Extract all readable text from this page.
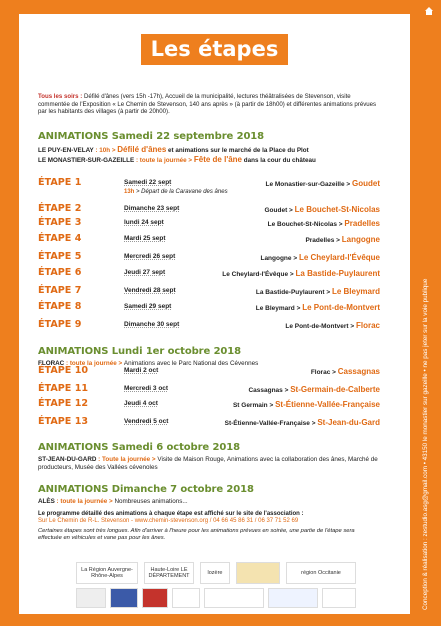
Les étapes
Tous les soirs : Défilé d'ânes (vers 15h -17h), Accueil de la municipalité, lectures théâtralisées de Stevenson, visite commentée de l'Exposition « Le Chemin de Stevenson, 140 ans après » (à partir de 18h00) et différentes animations prévues par les habitants des villages (à partir de 20h00).
ANIMATIONS Samedi 22 septembre 2018
LE PUY-EN-VELAY : 10h > Défilé d'ânes et animations sur le marché de la Place du Plot
LE MONASTIER-SUR-GAZEILLE : toute la journée > Fête de l'âne dans la cour du château
ÉTAPE 1	Samedi 22 sept	Le Monastier-sur-Gazeille > Goudet
13h > Départ de la Caravane des ânes
ÉTAPE 2	Dimanche 23 sept	Goudet > Le Bouchet-St-Nicolas
ÉTAPE 3	lundi 24 sept	Le Bouchet-St-Nicolas > Pradelles
ÉTAPE 4	Mardi 25 sept	Pradelles > Langogne
ÉTAPE 5	Mercredi 26 sept	Langogne > Le Cheylard-l'Évêque
ÉTAPE 6	Jeudi 27 sept	Le Cheylard-l'Évêque > La Bastide-Puylaurent
ÉTAPE 7	Vendredi 28 sept	La Bastide-Puylaurent > Le Bleymard
ÉTAPE 8	Samedi 29 sept	Le Bleymard > Le Pont-de-Montvert
ÉTAPE 9	Dimanche 30 sept	Le Pont-de-Montvert > Florac
ANIMATIONS Lundi 1er octobre 2018
FLORAC : toute la journée > Animations avec le Parc National des Cévennes
ÉTAPE 10	Mardi 2 oct	Florac > Cassagnas
ÉTAPE 11	Mercredi 3 oct	Cassagnas > St-Germain-de-Calberte
ÉTAPE 12	Jeudi 4 oct	St Germain > St-Étienne-Vallée-Française
ÉTAPE 13	Vendredi 5 oct	St-Étienne-Vallée-Française > St-Jean-du-Gard
ANIMATIONS Samedi 6 octobre 2018
ST-JEAN-DU-GARD : Toute la journée > Visite de Maison Rouge, Animations avec la collaboration des ânes, Marché de producteurs, Musée des Vallées cévenoles
ANIMATIONS Dimanche 7 octobre 2018
ALÈS : toute la journée > Nombreuses animations...
Le programme détaillé des animations à chaque étape est affiché sur le site de l'association :
Sur Le Chemin de R-L. Stevenson - www.chemin-stevenson.org / 04 66 45 86 31 / 06 37 71 52 69
Certaines étapes sont très longues. Afin d'arriver à l'heure pour les animations prévues en soirée, une partie de l'étape sera effectuée en véhicules et vane pas pour les ânes.
La Région Auvergne-Rhône-Alpes
Haute-Loire LE DÉPARTEMENT	lozère	région Occitanie	Conception & réalisation : zestudio.asg@gmail.com • 43150 le monastier sur gazeille • ne pas jeter sur la voie publique
